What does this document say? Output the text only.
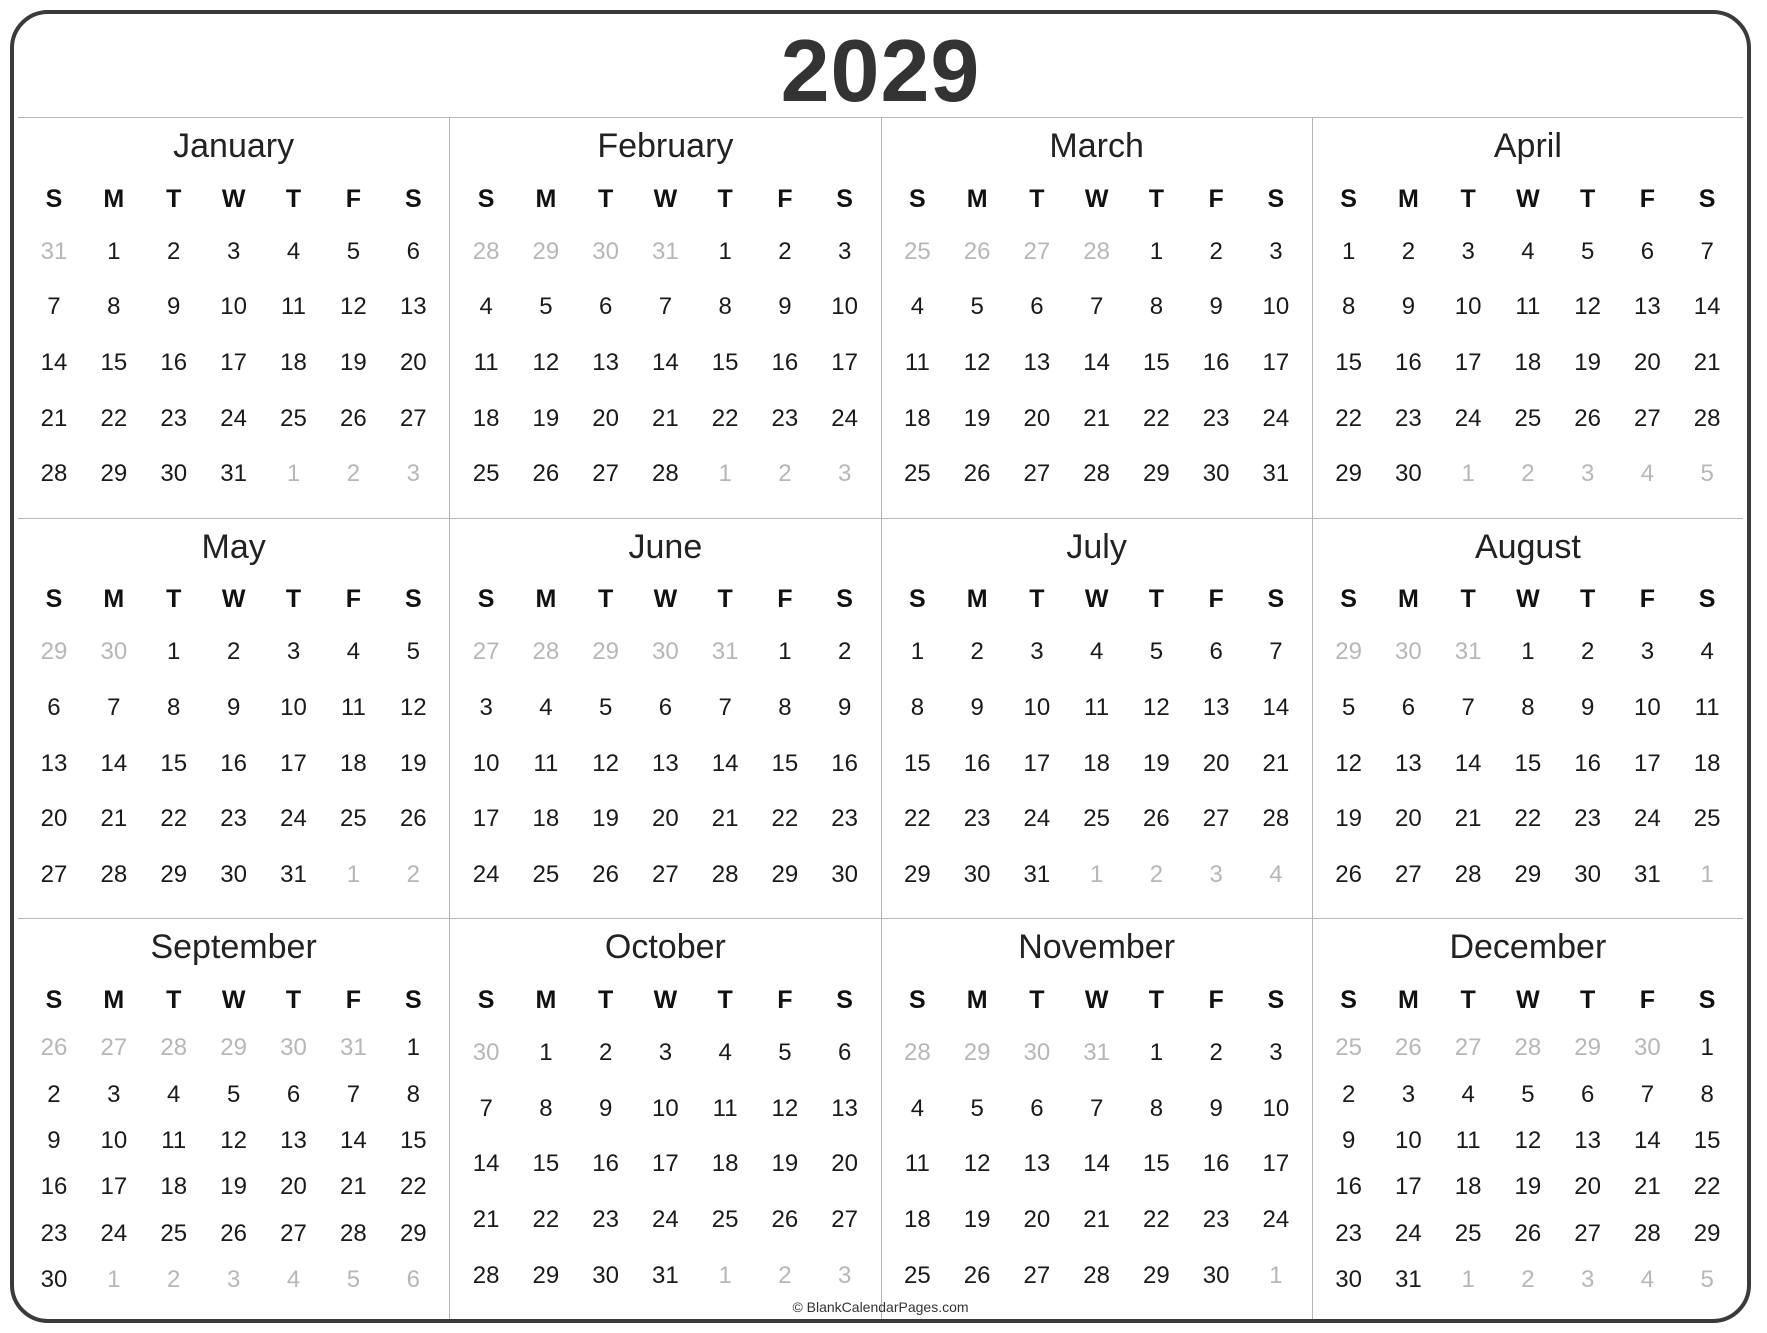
2029
January
S	M	T	W	T	F	S
31	1	2	3	4	5	6
7	8	9	10	11	12	13
14	15	16	17	18	19	20
21	22	23	24	25	26	27
28	29	30	31	1	2	3
February
S	M	T	W	T	F	S
28	29	30	31	1	2	3
4	5	6	7	8	9	10
11	12	13	14	15	16	17
18	19	20	21	22	23	24
25	26	27	28	1	2	3
March
S	M	T	W	T	F	S
25	26	27	28	1	2	3
4	5	6	7	8	9	10
11	12	13	14	15	16	17
18	19	20	21	22	23	24
25	26	27	28	29	30	31
April
S	M	T	W	T	F	S
1	2	3	4	5	6	7
8	9	10	11	12	13	14
15	16	17	18	19	20	21
22	23	24	25	26	27	28
29	30	1	2	3	4	5
May
S	M	T	W	T	F	S
29	30	1	2	3	4	5
6	7	8	9	10	11	12
13	14	15	16	17	18	19
20	21	22	23	24	25	26
27	28	29	30	31	1	2
June
S	M	T	W	T	F	S
27	28	29	30	31	1	2
3	4	5	6	7	8	9
10	11	12	13	14	15	16
17	18	19	20	21	22	23
24	25	26	27	28	29	30
July
S	M	T	W	T	F	S
1	2	3	4	5	6	7
8	9	10	11	12	13	14
15	16	17	18	19	20	21
22	23	24	25	26	27	28
29	30	31	1	2	3	4
August
S	M	T	W	T	F	S
29	30	31	1	2	3	4
5	6	7	8	9	10	11
12	13	14	15	16	17	18
19	20	21	22	23	24	25
26	27	28	29	30	31	1
September
S	M	T	W	T	F	S
26	27	28	29	30	31	1
2	3	4	5	6	7	8
9	10	11	12	13	14	15
16	17	18	19	20	21	22
23	24	25	26	27	28	29
30	1	2	3	4	5	6
October
S	M	T	W	T	F	S
30	1	2	3	4	5	6
7	8	9	10	11	12	13
14	15	16	17	18	19	20
21	22	23	24	25	26	27
28	29	30	31	1	2	3
November
S	M	T	W	T	F	S
28	29	30	31	1	2	3
4	5	6	7	8	9	10
11	12	13	14	15	16	17
18	19	20	21	22	23	24
25	26	27	28	29	30	1
December
S	M	T	W	T	F	S
25	26	27	28	29	30	1
2	3	4	5	6	7	8
9	10	11	12	13	14	15
16	17	18	19	20	21	22
23	24	25	26	27	28	29
30	31	1	2	3	4	5
© BlankCalendarPages.com
